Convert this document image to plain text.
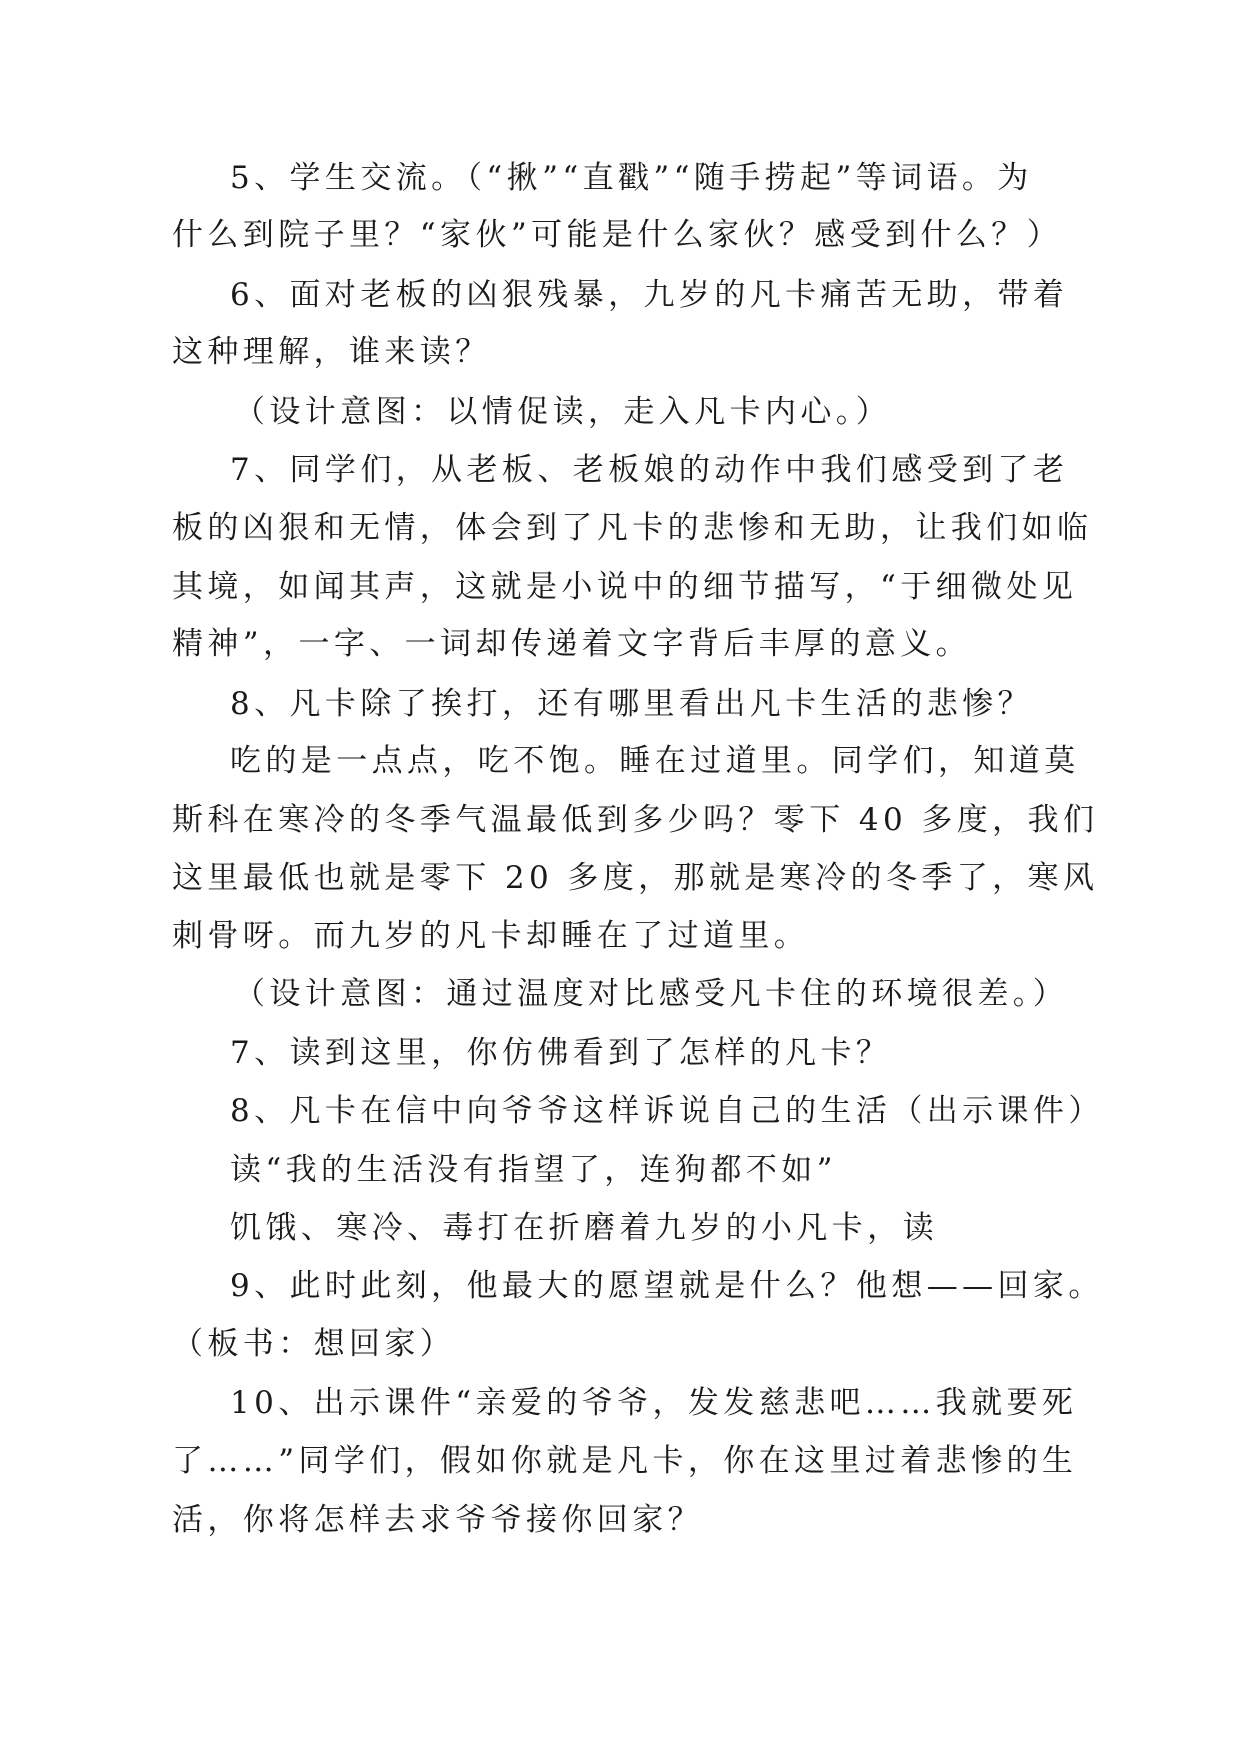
5、学生交流。（“揪”“直戳”“随手捞起”等词语。为
什么到院子里？“家伙”可能是什么家伙？感受到什么？）
6、面对老板的凶狠残暴，九岁的凡卡痛苦无助，带着
这种理解，谁来读？
（设计意图：以情促读，走入凡卡内心。）
7、同学们，从老板、老板娘的动作中我们感受到了老
板的凶狠和无情，体会到了凡卡的悲惨和无助，让我们如临
其境，如闻其声，这就是小说中的细节描写，“于细微处见
精神”，一字、一词却传递着文字背后丰厚的意义。
8、凡卡除了挨打，还有哪里看出凡卡生活的悲惨？
吃的是一点点，吃不饱。睡在过道里。同学们，知道莫
斯科在寒冷的冬季气温最低到多少吗？零下 40 多度，我们
这里最低也就是零下 20 多度，那就是寒冷的冬季了，寒风
刺骨呀。而九岁的凡卡却睡在了过道里。
（设计意图：通过温度对比感受凡卡住的环境很差。）
7、读到这里，你仿佛看到了怎样的凡卡？
8、凡卡在信中向爷爷这样诉说自己的生活（出示课件）
读“我的生活没有指望了，连狗都不如”
饥饿、寒冷、毒打在折磨着九岁的小凡卡，读
9、此时此刻，他最大的愿望就是什么？他想——回家。
（板书：想回家）
10、出示课件“亲爱的爷爷，发发慈悲吧……我就要死
了……”同学们，假如你就是凡卡，你在这里过着悲惨的生
活，你将怎样去求爷爷接你回家？
